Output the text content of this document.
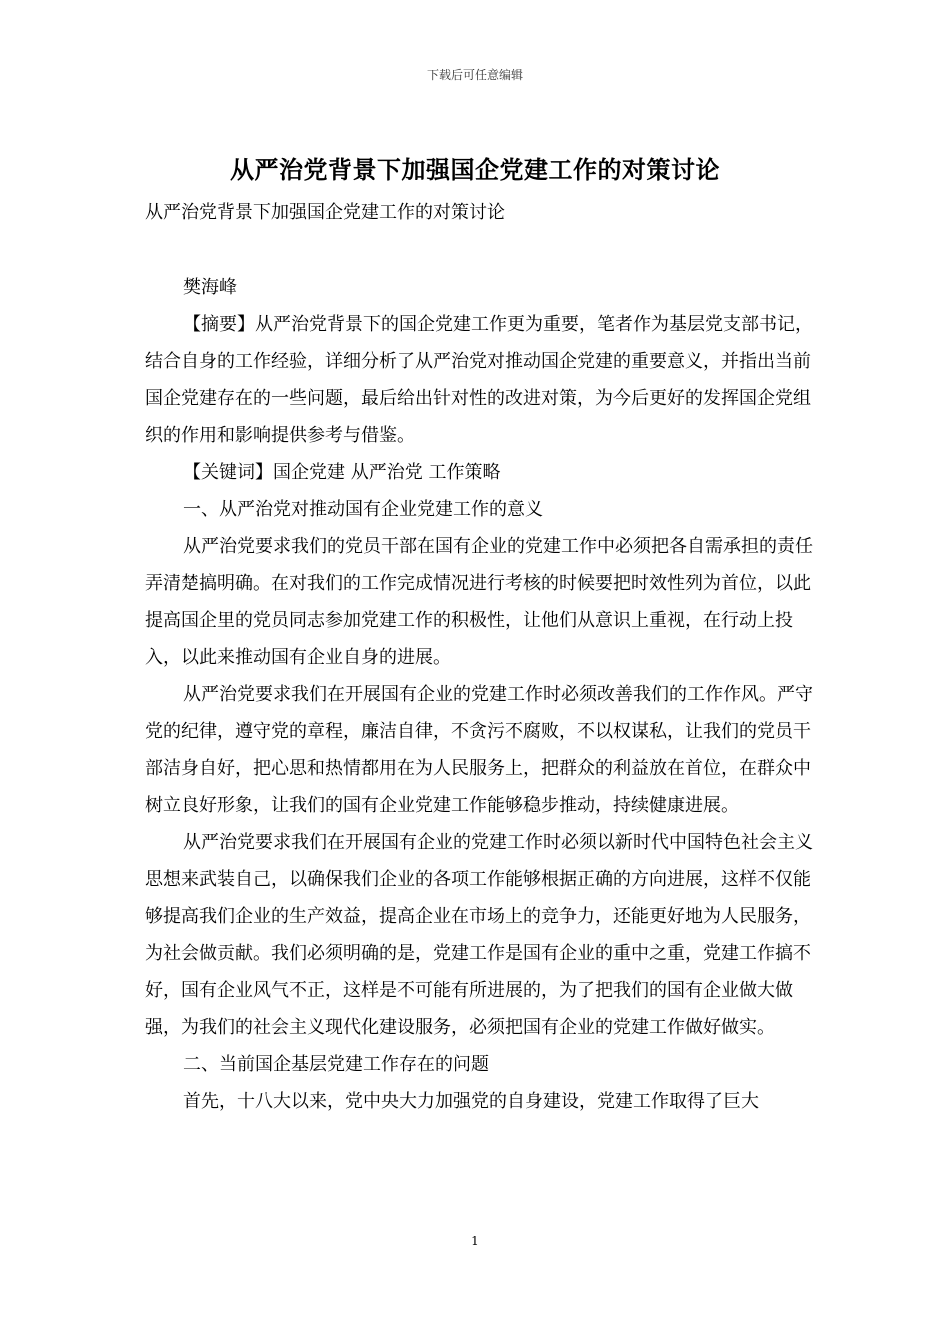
下载后可任意编辑
从严治党背景下加强国企党建工作的对策讨论

从严治党背景下加强国企党建工作的对策讨论

樊海峰

【摘要】从严治党背景下的国企党建工作更为重要，笔者作为基层党支部书记，结合自身的工作经验，详细分析了从严治党对推动国企党建的重要意义，并指出当前国企党建存在的一些问题，最后给出针对性的改进对策，为今后更好的发挥国企党组织的作用和影响提供参考与借鉴。

【关键词】国企党建 从严治党 工作策略

一、从严治党对推动国有企业党建工作的意义

从严治党要求我们的党员干部在国有企业的党建工作中必须把各自需承担的责任弄清楚搞明确。在对我们的工作完成情况进行考核的时候要把时效性列为首位，以此提高国企里的党员同志参加党建工作的积极性，让他们从意识上重视，在行动上投入，以此来推动国有企业自身的进展。

从严治党要求我们在开展国有企业的党建工作时必须改善我们的工作作风。严守党的纪律，遵守党的章程，廉洁自律，不贪污不腐败，不以权谋私，让我们的党员干部洁身自好，把心思和热情都用在为人民服务上，把群众的利益放在首位，在群众中树立良好形象，让我们的国有企业党建工作能够稳步推动，持续健康进展。

从严治党要求我们在开展国有企业的党建工作时必须以新时代中国特色社会主义思想来武装自己，以确保我们企业的各项工作能够根据正确的方向进展，这样不仅能够提高我们企业的生产效益，提高企业在市场上的竞争力，还能更好地为人民服务，为社会做贡献。我们必须明确的是，党建工作是国有企业的重中之重，党建工作搞不好，国有企业风气不正，这样是不可能有所进展的，为了把我们的国有企业做大做强，为我们的社会主义现代化建设服务，必须把国有企业的党建工作做好做实。

二、当前国企基层党建工作存在的问题

首先，十八大以来，党中央大力加强党的自身建设，党建工作取得了巨大

1
